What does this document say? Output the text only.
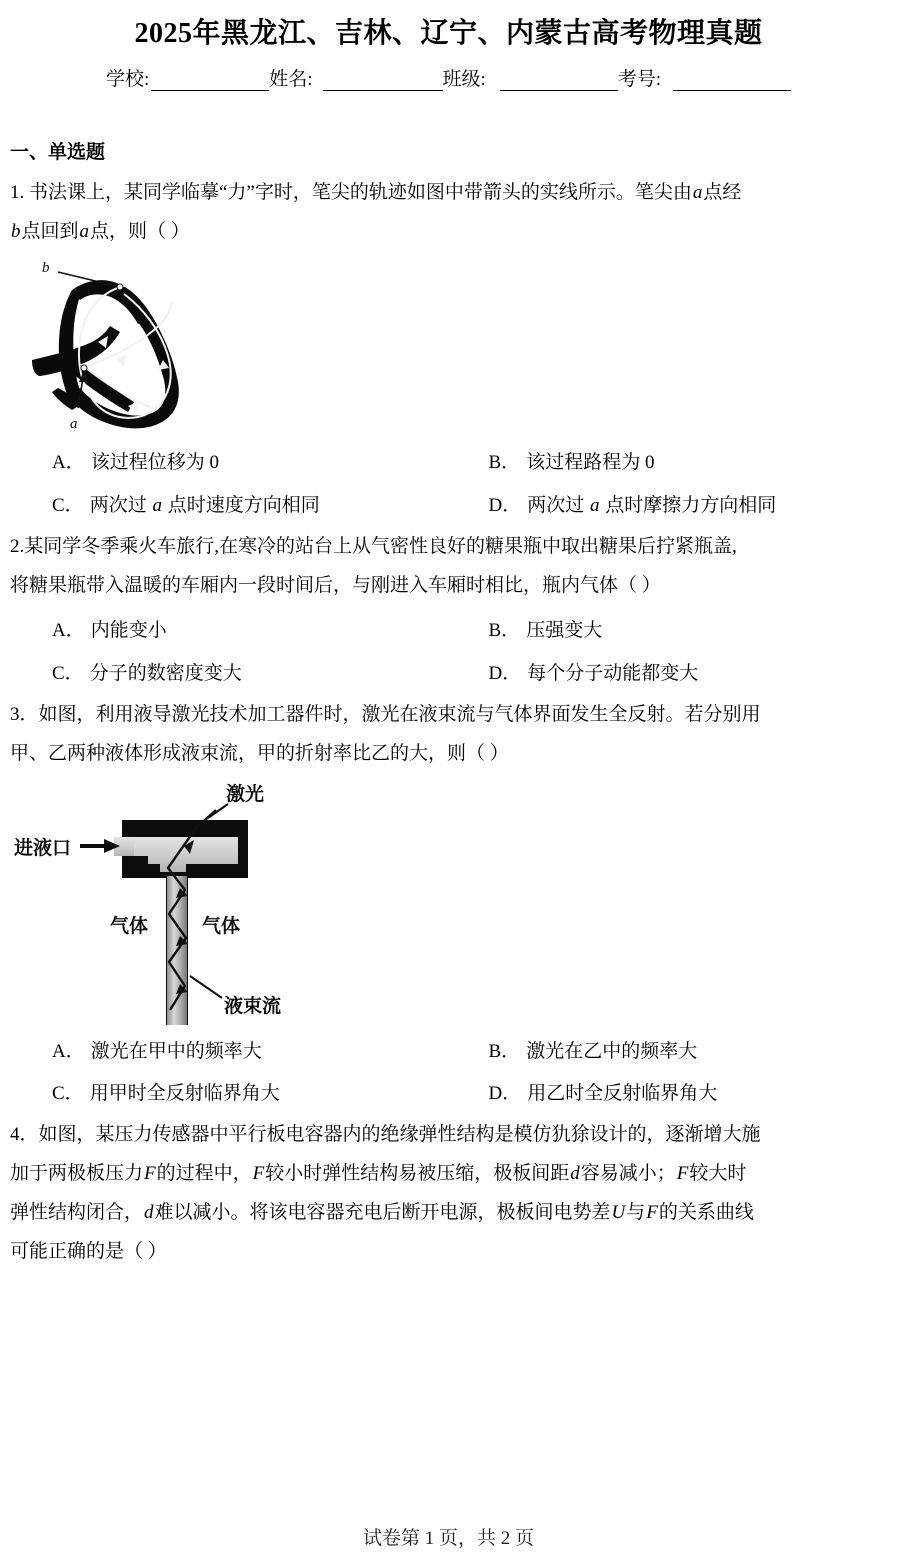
2025年黑龙江、吉林、辽宁、内蒙古高考物理真题
学校:	姓名:	班级:	考号:
一、单选题
1. 书法课上，某同学临摹“力”字时，笔尖的轨迹如图中带箭头的实线所示。笔尖由a点经
b点回到a点，则（ ）
b
a
A． 该过程位移为 0	B． 该过程路程为 0
C． 两次过 a 点时速度方向相同	D． 两次过 a 点时摩擦力方向相同
2.某同学冬季乘火车旅行,在寒冷的站台上从气密性良好的糖果瓶中取出糖果后拧紧瓶盖,
将糖果瓶带入温暖的车厢内一段时间后，与刚进入车厢时相比，瓶内气体（ ）
A． 内能变小	B． 压强变大
C． 分子的数密度变大	D． 每个分子动能都变大
3．如图，利用液导激光技术加工器件时，激光在液束流与气体界面发生全反射。若分别用
甲、乙两种液体形成液束流，甲的折射率比乙的大，则（ ）
激光
进液口
气体	气体
液束流
A． 激光在甲中的频率大	B． 激光在乙中的频率大
C． 用甲时全反射临界角大	D． 用乙时全反射临界角大
4．如图，某压力传感器中平行板电容器内的绝缘弹性结构是模仿犰狳设计的，逐渐增大施
加于两极板压力F的过程中，F较小时弹性结构易被压缩，极板间距d容易减小；F较大时
弹性结构闭合，d难以减小。将该电容器充电后断开电源，极板间电势差U与F的关系曲线
可能正确的是（ ）
试卷第 1 页，共 2 页
